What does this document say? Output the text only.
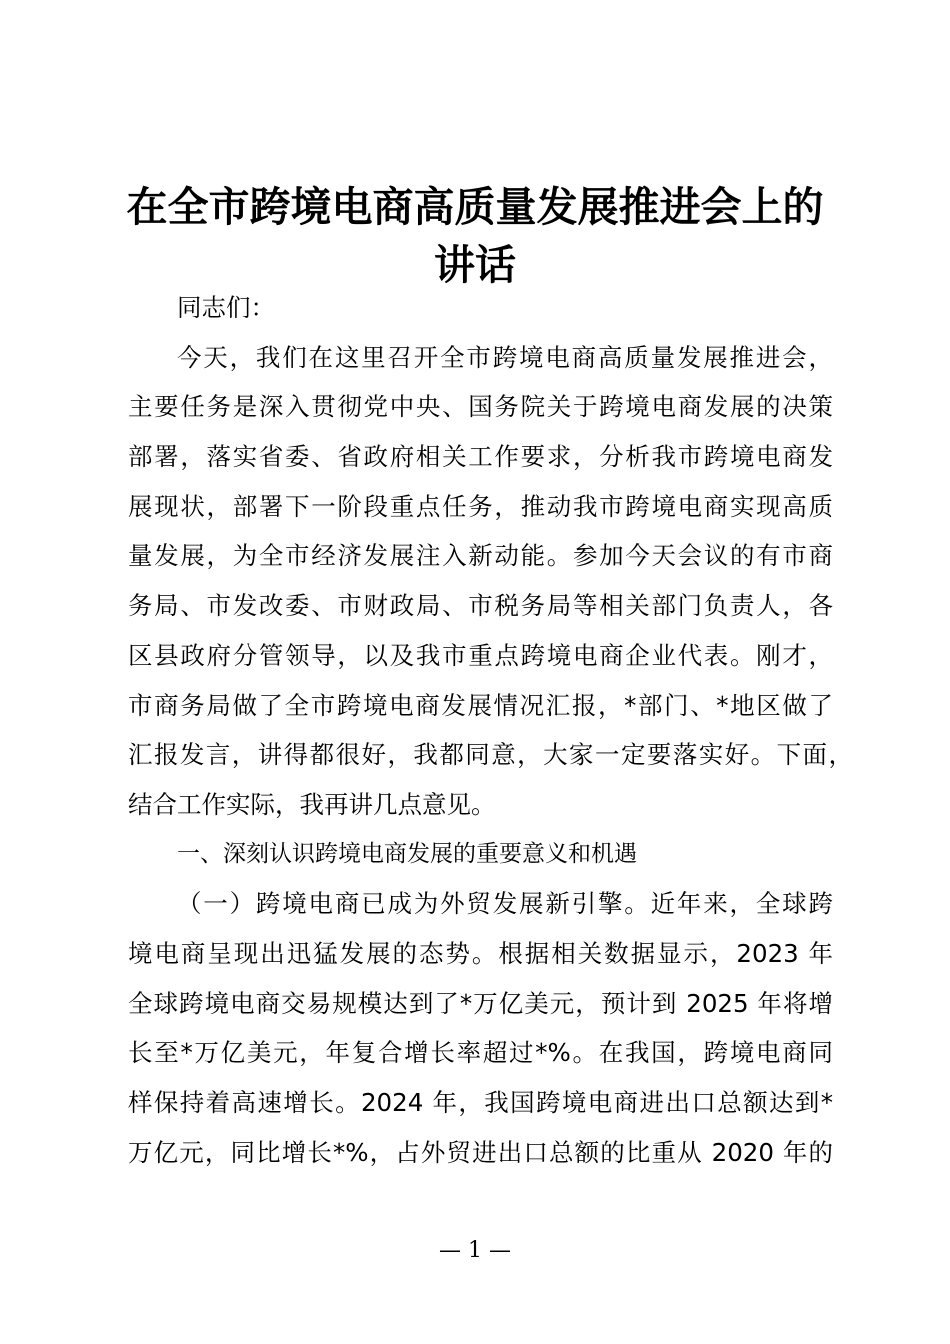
在全市跨境电商高质量发展推进会上的
讲话
同志们：
今天，我们在这里召开全市跨境电商高质量发展推进会，
主要任务是深入贯彻党中央、国务院关于跨境电商发展的决策
部署，落实省委、省政府相关工作要求，分析我市跨境电商发
展现状，部署下一阶段重点任务，推动我市跨境电商实现高质
量发展，为全市经济发展注入新动能。参加今天会议的有市商
务局、市发改委、市财政局、市税务局等相关部门负责人，各
区县政府分管领导，以及我市重点跨境电商企业代表。刚才，
市商务局做了全市跨境电商发展情况汇报，*部门、*地区做了
汇报发言，讲得都很好，我都同意，大家一定要落实好。下面，
结合工作实际，我再讲几点意见。
一、深刻认识跨境电商发展的重要意义和机遇
（一）跨境电商已成为外贸发展新引擎。近年来，全球跨
境电商呈现出迅猛发展的态势。根据相关数据显示，2023 年
全球跨境电商交易规模达到了*万亿美元，预计到 2025 年将增
长至*万亿美元，年复合增长率超过*%。在我国，跨境电商同
样保持着高速增长。2024 年，我国跨境电商进出口总额达到*
万亿元，同比增长*%，占外贸进出口总额的比重从 2020 年的
— 1 —
